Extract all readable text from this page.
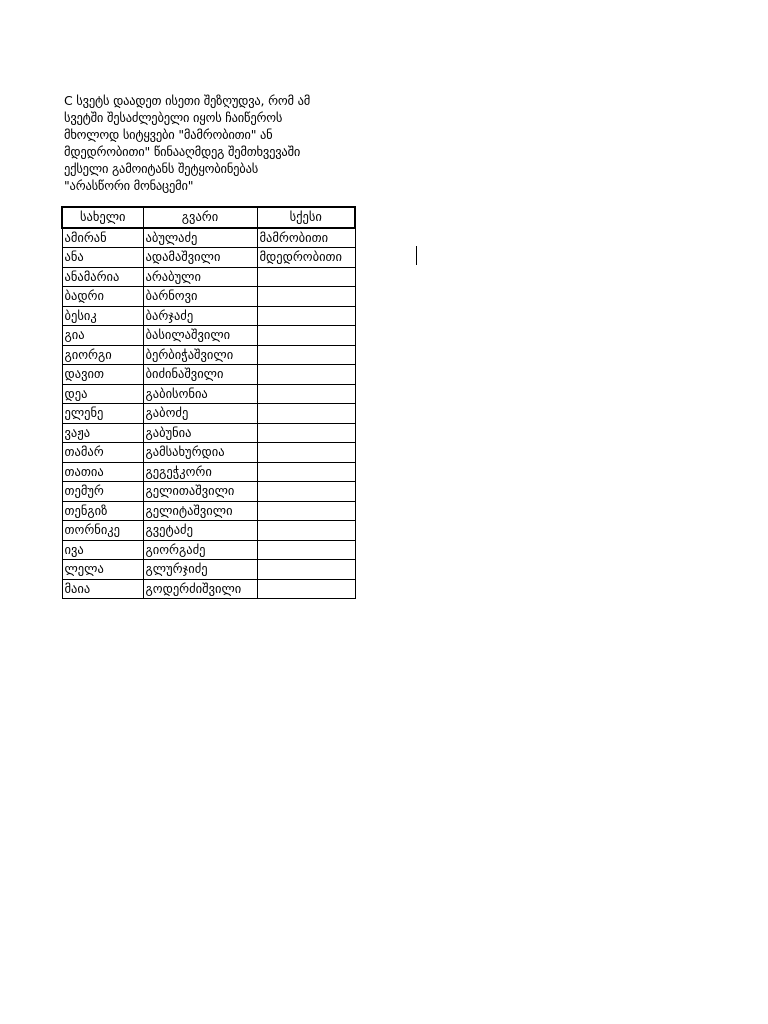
C სვეტს დაადეთ ისეთი შეზღუდვა, რომ ამ
სვეტში შესაძლებელი იყოს ჩაიწეროს
მხოლოდ სიტყვები "მამრობითი" ან
მდედრობითი" წინააღმდეგ შემთხვევაში
ექსელი გამოიტანს შეტყობინებას
"არასწორი მონაცემი"
სახელი	გვარი	სქესი
ამირან	აბულაძე	მამრობითი
ანა	ადამაშვილი	მდედრობითი
ანამარია	არაბული	
ბადრი	ბარნოვი	
ბესიკ	ბარჯაძე	
გია	ბასილაშვილი	
გიორგი	ბერბიჭაშვილი	
დავით	ბიძინაშვილი	
დეა	გაბისონია	
ელენე	გაბოძე	
ვაჟა	გაბუნია	
თამარ	გამსახურდია	
თათია	გეგეჭკორი	
თემურ	გელითაშვილი	
თენგიზ	გელიტაშვილი	
თორნიკე	გვეტაძე	
ივა	გიორგაძე	
ლელა	გლურჯიძე	
მაია	გოდერძიშვილი	
